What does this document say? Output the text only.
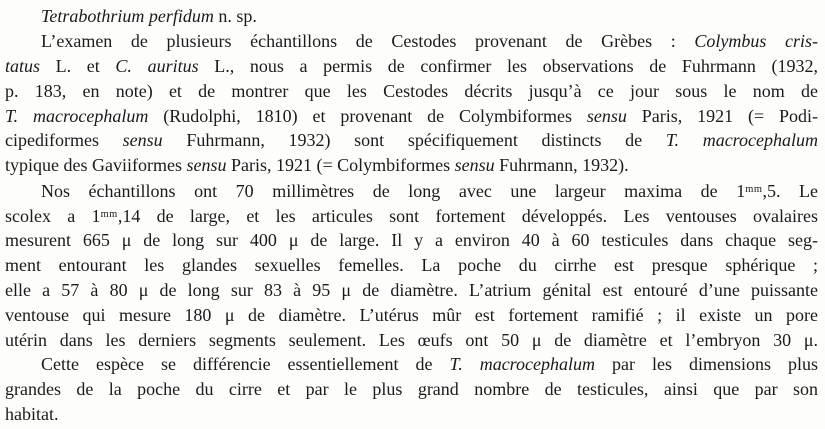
Tetrabothrium perfidum n. sp.
L’examen de plusieurs échantillons de Cestodes provenant de Grèbes : Colymbus cris-
tatus L. et C. auritus L., nous a permis de confirmer les observations de Fuhrmann (1932,
p. 183, en note) et de montrer que les Cestodes décrits jusqu’à ce jour sous le nom de
T. macrocephalum (Rudolphi, 1810) et provenant de Colymbiformes sensu Paris, 1921 (= Podi-
cipediformes sensu Fuhrmann, 1932) sont spécifiquement distincts de T. macrocephalum
typique des Gaviiformes sensu Paris, 1921 (= Colymbiformes sensu Fuhrmann, 1932).
Nos échantillons ont 70 millimètres de long avec une largeur maxima de $1^{mm},5$. Le
scolex a $1^{mm},14$ de large, et les articules sont fortement développés. Les ventouses ovalaires
mesurent 665 μ de long sur 400 μ de large. Il y a environ 40 à 60 testicules dans chaque seg-
ment entourant les glandes sexuelles femelles. La poche du cirrhe est presque sphérique ;
elle a 57 à 80 μ de long sur 83 à 95 μ de diamètre. L’atrium génital est entouré d’une puissante
ventouse qui mesure 180 μ de diamètre. L’utérus mûr est fortement ramifié ; il existe un pore
utérin dans les derniers segments seulement. Les œufs ont 50 μ de diamètre et l’embryon 30 μ.
Cette espèce se différencie essentiellement de T. macrocephalum par les dimensions plus
grandes de la poche du cirre et par le plus grand nombre de testicules, ainsi que par son
habitat.
